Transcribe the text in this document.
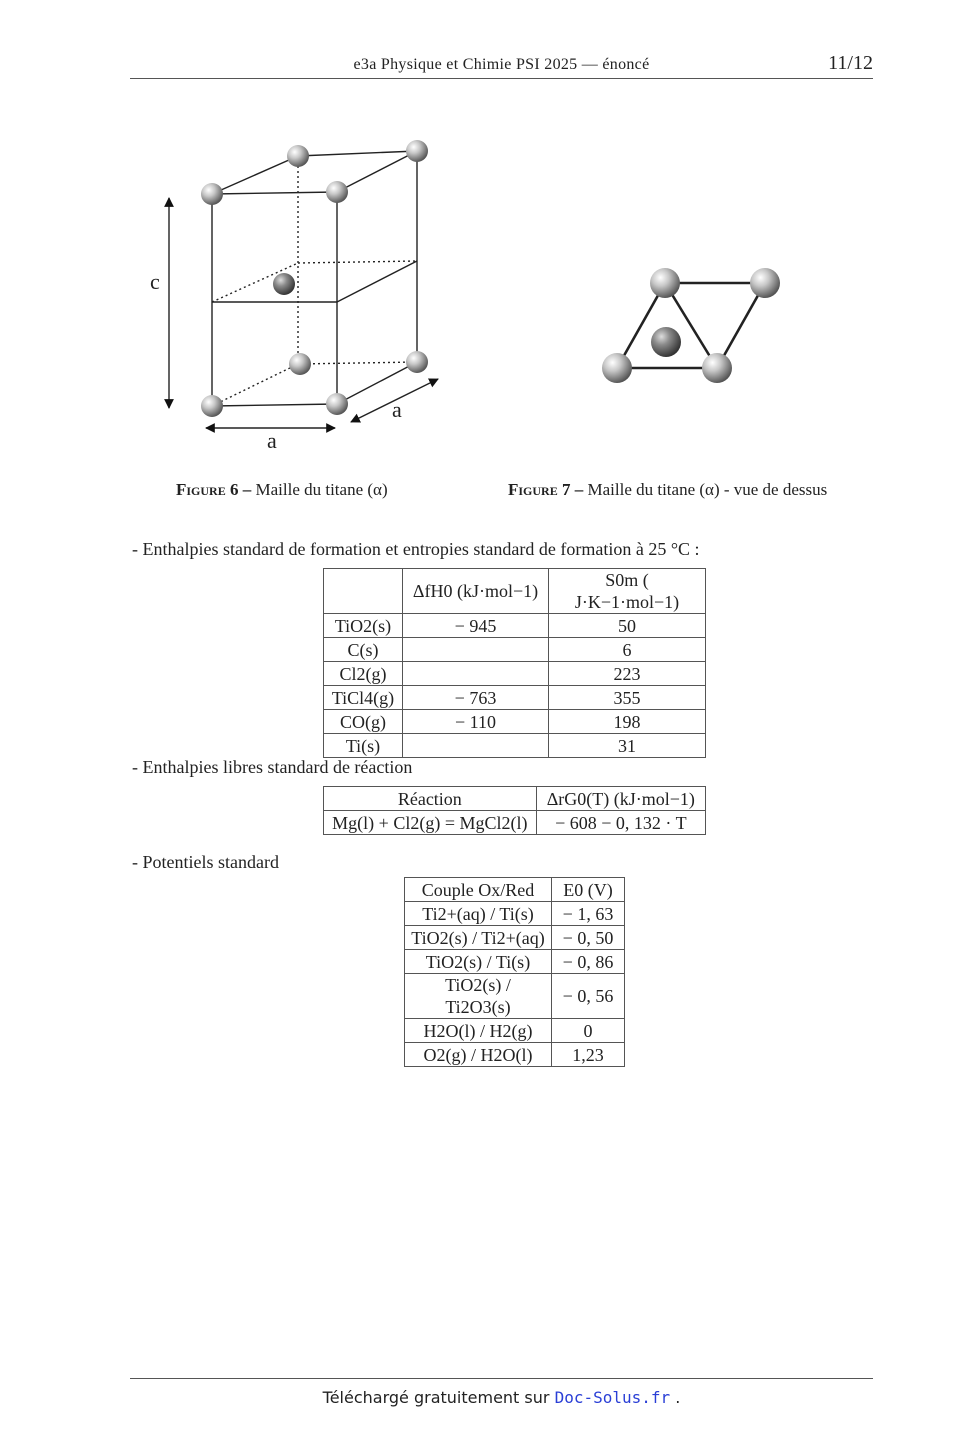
e3a Physique et Chimie PSI 2025 — énoncé	11/12
c
a
a
Figure 6 – Maille du titane (α)	Figure 7 – Maille du titane (α) - vue de dessus
- Enthalpies standard de formation et entropies standard de formation à 25 °C :
	ΔfH0 (kJ·mol−1)	S0m ( J·K−1·mol−1)
TiO2(s)	− 945	50
C(s)		6
Cl2(g)		223
TiCl4(g)	− 763	355
CO(g)	− 110	198
Ti(s)		31
- Enthalpies libres standard de réaction
Réaction	ΔrG0(T) (kJ·mol−1)
Mg(l) + Cl2(g) = MgCl2(l)	− 608 − 0, 132 · T
- Potentiels standard
Couple Ox/Red	E0 (V)
Ti2+(aq) / Ti(s)	− 1, 63
TiO2(s) / Ti2+(aq)	− 0, 50
TiO2(s) / Ti(s)	− 0, 86
TiO2(s) / Ti2O3(s)	− 0, 56
H2O(l) / H2(g)	0
O2(g) / H2O(l)	1,23
Téléchargé gratuitement sur Doc-Solus.fr .
